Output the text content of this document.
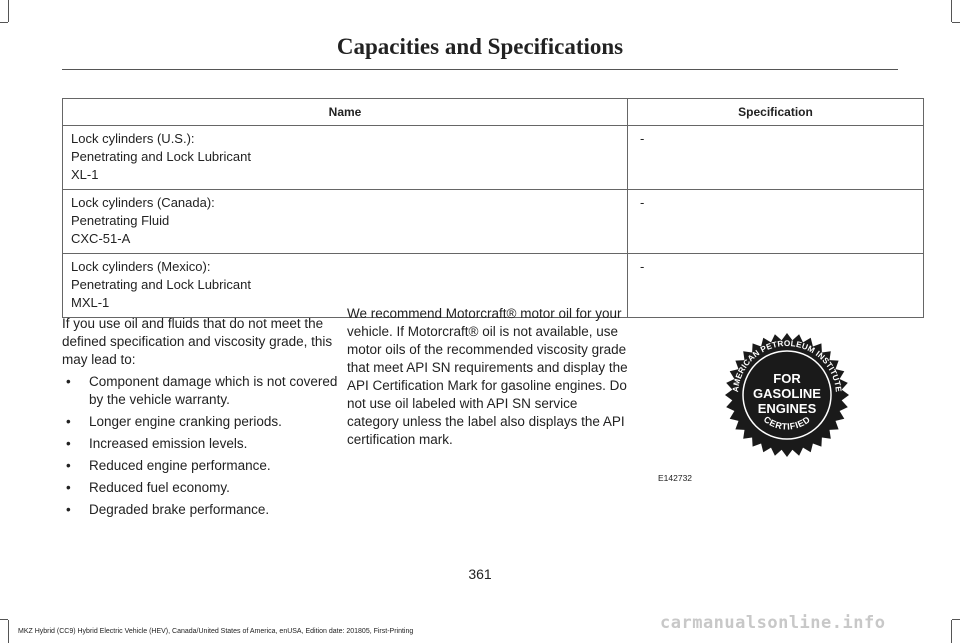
Capacities and Specifications
Name	Specification

Lock cylinders (U.S.):
Penetrating and Lock Lubricant
XL-1	-

Lock cylinders (Canada):
Penetrating Fluid
CXC-51-A	-

Lock cylinders (Mexico):
Penetrating and Lock Lubricant
MXL-1	-

If you use oil and fluids that do not meet the defined specification and viscosity grade, this may lead to:

• Component damage which is not covered by the vehicle warranty.
• Longer engine cranking periods.
• Increased emission levels.
• Reduced engine performance.
• Reduced fuel economy.
• Degraded brake performance.

We recommend Motorcraft® motor oil for your vehicle. If Motorcraft® oil is not available, use motor oils of the recommended viscosity grade that meet API SN requirements and display the API Certification Mark for gasoline engines. Do not use oil labeled with API SN service category unless the label also displays the API certification mark.

AMERICAN PETROLEUM INSTITUTE
FOR
GASOLINE
ENGINES
CERTIFIED
E142732
361
MKZ Hybrid (CC9) Hybrid Electric Vehicle (HEV), Canada/United States of America, enUSA, Edition date: 201805, First-Printing	carmanualsonline.info
